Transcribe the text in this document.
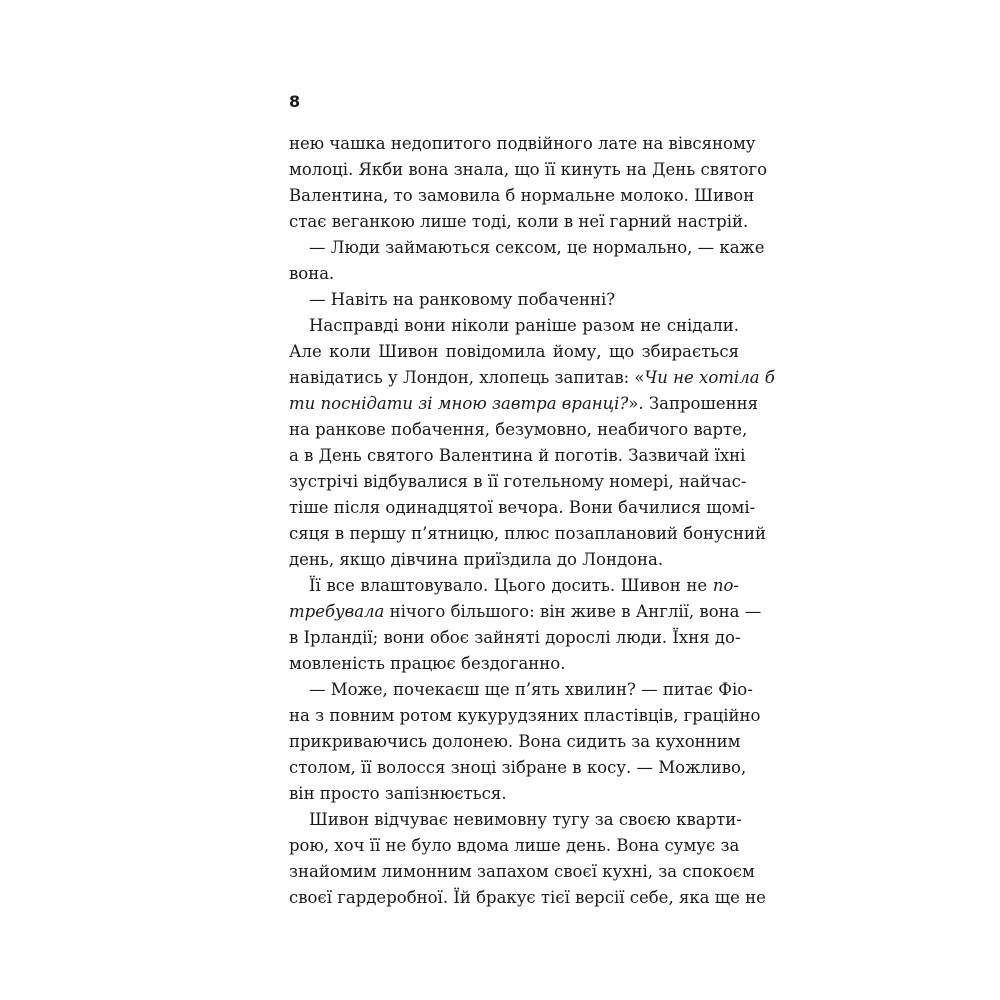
8
нею чашка недопитого подвійного лате на вівсяному
молоці. Якби вона знала, що її кинуть на День святого
Валентина, то замовила б нормальне молоко. Шивон
стає веганкою лише тоді, коли в неї гарний настрій.
— Люди займаються сексом, це нормально, — каже
вона.
— Навіть на ранковому побаченні?
Насправді вони ніколи раніше разом не снідали.
Але коли Шивон повідомила йому, що збирається
навідатись у Лондон, хлопець запитав: «Чи не хотіла б
ти поснідати зі мною завтра вранці?». Запрошення
на ранкове побачення, безумовно, неабичого варте,
а в День святого Валентина й поготів. Зазвичай їхні
зустрічі відбувалися в її готельному номері, найчас-
тіше після одинадцятої вечора. Вони бачилися щомі-
сяця в першу п’ятницю, плюс позаплановий бонусний
день, якщо дівчина приїздила до Лондона.
Її все влаштовувало. Цього досить. Шивон не по-
требувала нічого більшого: він живе в Англії, вона —
в Ірландії; вони обоє зайняті дорослі люди. Їхня до-
мовленість працює бездоганно.
— Може, почекаєш ще п’ять хвилин? — питає Фіо-
на з повним ротом кукурудзяних пластівців, граційно
прикриваючись долонею. Вона сидить за кухонним
столом, її волосся зноці зібране в косу. — Можливо,
він просто запізнюється.
Шивон відчуває невимовну тугу за своєю кварти-
рою, хоч її не було вдома лише день. Вона сумує за
знайомим лимонним запахом своєї кухні, за спокоєм
своєї гардеробної. Їй бракує тієї версії себе, яка ще не
